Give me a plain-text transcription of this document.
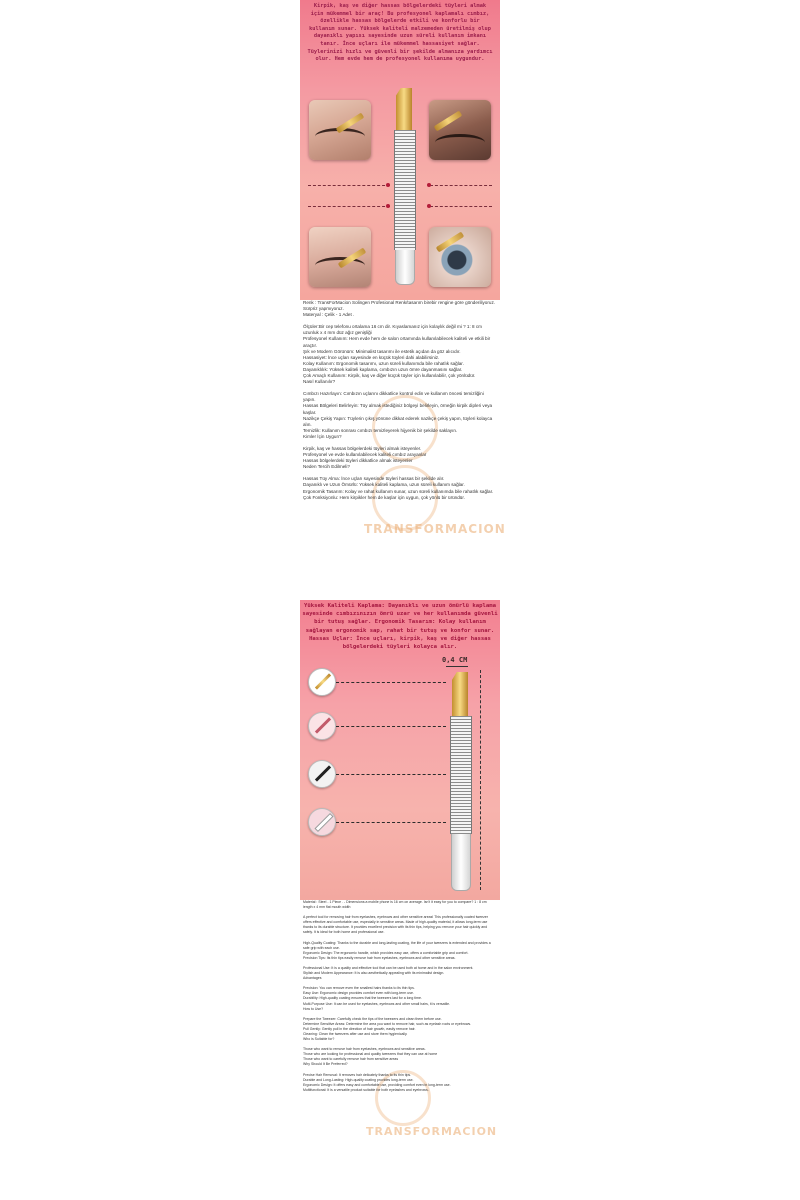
Kirpik, kaş ve diğer hassas bölgelerdeki tüyleri almak için mükemmel bir araç! Bu profesyonel kaplamalı cımbız, özellikle hassas bölgelerde etkili ve konforlu bir kullanım sunar. Yüksek kaliteli malzemeden üretilmiş olup dayanıklı yapısı sayesinde uzun süreli kullanım imkanı tanır. İnce uçları ile mükemmel hassasiyet sağlar. Tüylerinizi hızlı ve güvenli bir şekilde almanıza yardımcı olur. Hem evde hem de profesyonel kullanıma uygundur.

TRANSFORMACION

Renk : TransForMacion Solingen Profesional Renk/tasarım birebir rengine göre gönderiliyoruz. Sürpriz yapmıyoruz.

Materyal : Çelik - 1 Adet .

Ölçüler:Bir cep telefonu ortalama 16 cm dir. Kıyaslamanız için kolaylık değil mi ? 1: 8 cm uzunluk x 4 mm düz ağız genişliği

Profesyonel Kullanım: Hem evde hem de salon ortamında kullanılabilecek kaliteli ve etkili bir araçtır.

Şık ve Modern Görünüm: Minimalist tasarımı ile estetik açıdan da göz alıcıdır.

Hassasiyet: İnce uçları sayesinde en küçük tüyleri dahi alabilirsiniz.

Kolay Kullanım: Ergonomik tasarımı, uzun süreli kullanımda bile rahatlık sağlar.

Dayanıklılık: Yüksek kaliteli kaplama, cımbızın uzun ömre dayanmasını sağlar.

Çok Amaçlı Kullanım: Kirpik, kaş ve diğer küçük tüyler için kullanılabilir, çok yönlüdür.

Nasıl Kullanılır?

Cımbızı Hazırlayın: Cımbızın uçlarını dikkatlice kontrol edin ve kullanım öncesi temizliğini yapın.

Hassas Bölgeleri Belirleyin: Tüy almak istediğiniz bölgeyi belirleyin, örneğin kirpik dipleri veya kaşlar.

Nazikçe Çekiş Yapın: Tüylerin çıkış yönüne dikkat ederek nazikçe çekiş yapın, tüyleri kolayca alın.

Temizlik: Kullanım sonrası cımbızı temizleyerek hijyenik bir şekilde saklayın.

Kimler İçin Uygun?

Kirpik, kaş ve hassas bölgelerdeki tüyleri almak isteyenler.

Profesyonel ve evde kullanılabilecek kaliteli cımbız arayanlar

Hassas bölgelerdeki tüyleri dikkatlice almak isteyenler

Neden Tercih Edilmeli?

Hassas Tüy Alma: İnce uçları sayesinde tüyleri hassas bir şekilde alır.

Dayanıklı ve Uzun Ömürlü: Yüksek kaliteli kaplama, uzun süreli kullanım sağlar.

Ergonomik Tasarım: Kolay ve rahat kullanım sunar, uzun süreli kullanımda bile rahatlık sağlar.

Çok Fonksiyonlu: Hem kirpikler hem de kaşlar için uygun, çok yönlü bir üründür.

Yüksek Kaliteli Kaplama: Dayanıklı ve uzun ömürlü kaplama sayesinde cımbızınızın ömrü uzar ve her kullanımda güvenli bir tutuş sağlar. Ergonomik Tasarım: Kolay kullanım sağlayan ergonomik sap, rahat bir tutuş ve konfor sunar. Hassas Uçlar: İnce uçları, kirpik, kaş ve diğer hassas bölgelerdeki tüyleri kolayca alır.

0,4 CM
TRANSFORMACION

Material : Steel - 1 Piece . - Dimensions:a mobile phone is 16 cm on average. Isn't it easy for you to compare? 1 : 8 cm length x 4 mm flat mouth width

A perfect tool for removing hair from eyelashes, eyebrows and other sensitive areas! This professionally coated tweezer offers effective and comfortable use, especially in sensitive areas. Made of high-quality material, it allows long-term use thanks to its durable structure. It provides excellent precision with its thin tips, helping you remove your hair quickly and safely. It is ideal for both home and professional use.

High-Quality Coating: Thanks to the durable and long-lasting coating, the life of your tweezers is extended and provides a safe grip with each use.

Ergonomic Design: The ergonomic handle, which provides easy use, offers a comfortable grip and comfort.

Precision Tips: Its thin tips easily remove hair from eyelashes, eyebrows and other sensitive areas.

Professional Use: It is a quality and effective tool that can be used both at home and in the salon environment.

Stylish and Modern Appearance: It is also aesthetically appealing with its minimalist design.

Advantages

Precision: You can remove even the smallest hairs thanks to its thin tips.

Easy Use: Ergonomic design provides comfort even with long-term use.

Durability: High-quality coating ensures that the tweezers last for a long time.

Multi-Purpose Use: It can be used for eyelashes, eyebrows and other small hairs, it is versatile.

How to Use?

Prepare the Tweezer: Carefully check the tips of the tweezers and clean them before use.

Determine Sensitive Areas: Determine the area you want to remove hair, such as eyelash roots or eyebrows.

Pull Gently: Gently pull in the direction of hair growth, easily remove hair.

Cleaning: Clean the tweezers after use and store them hygienically.

Who is Suitable for?

Those who want to remove hair from eyelashes, eyebrows and sensitive areas.

Those who are looking for professional and quality tweezers that they can use at home

Those who want to carefully remove hair from sensitive areas

Why Should It Be Preferred?

Precise Hair Removal: It removes hair delicately thanks to its thin tips.

Durable and Long-Lasting: High-quality coating provides long-term use.

Ergonomic Design: It offers easy and comfortable use, providing comfort even in long-term use.

Multifunctional: It is a versatile product suitable for both eyelashes and eyebrows.
